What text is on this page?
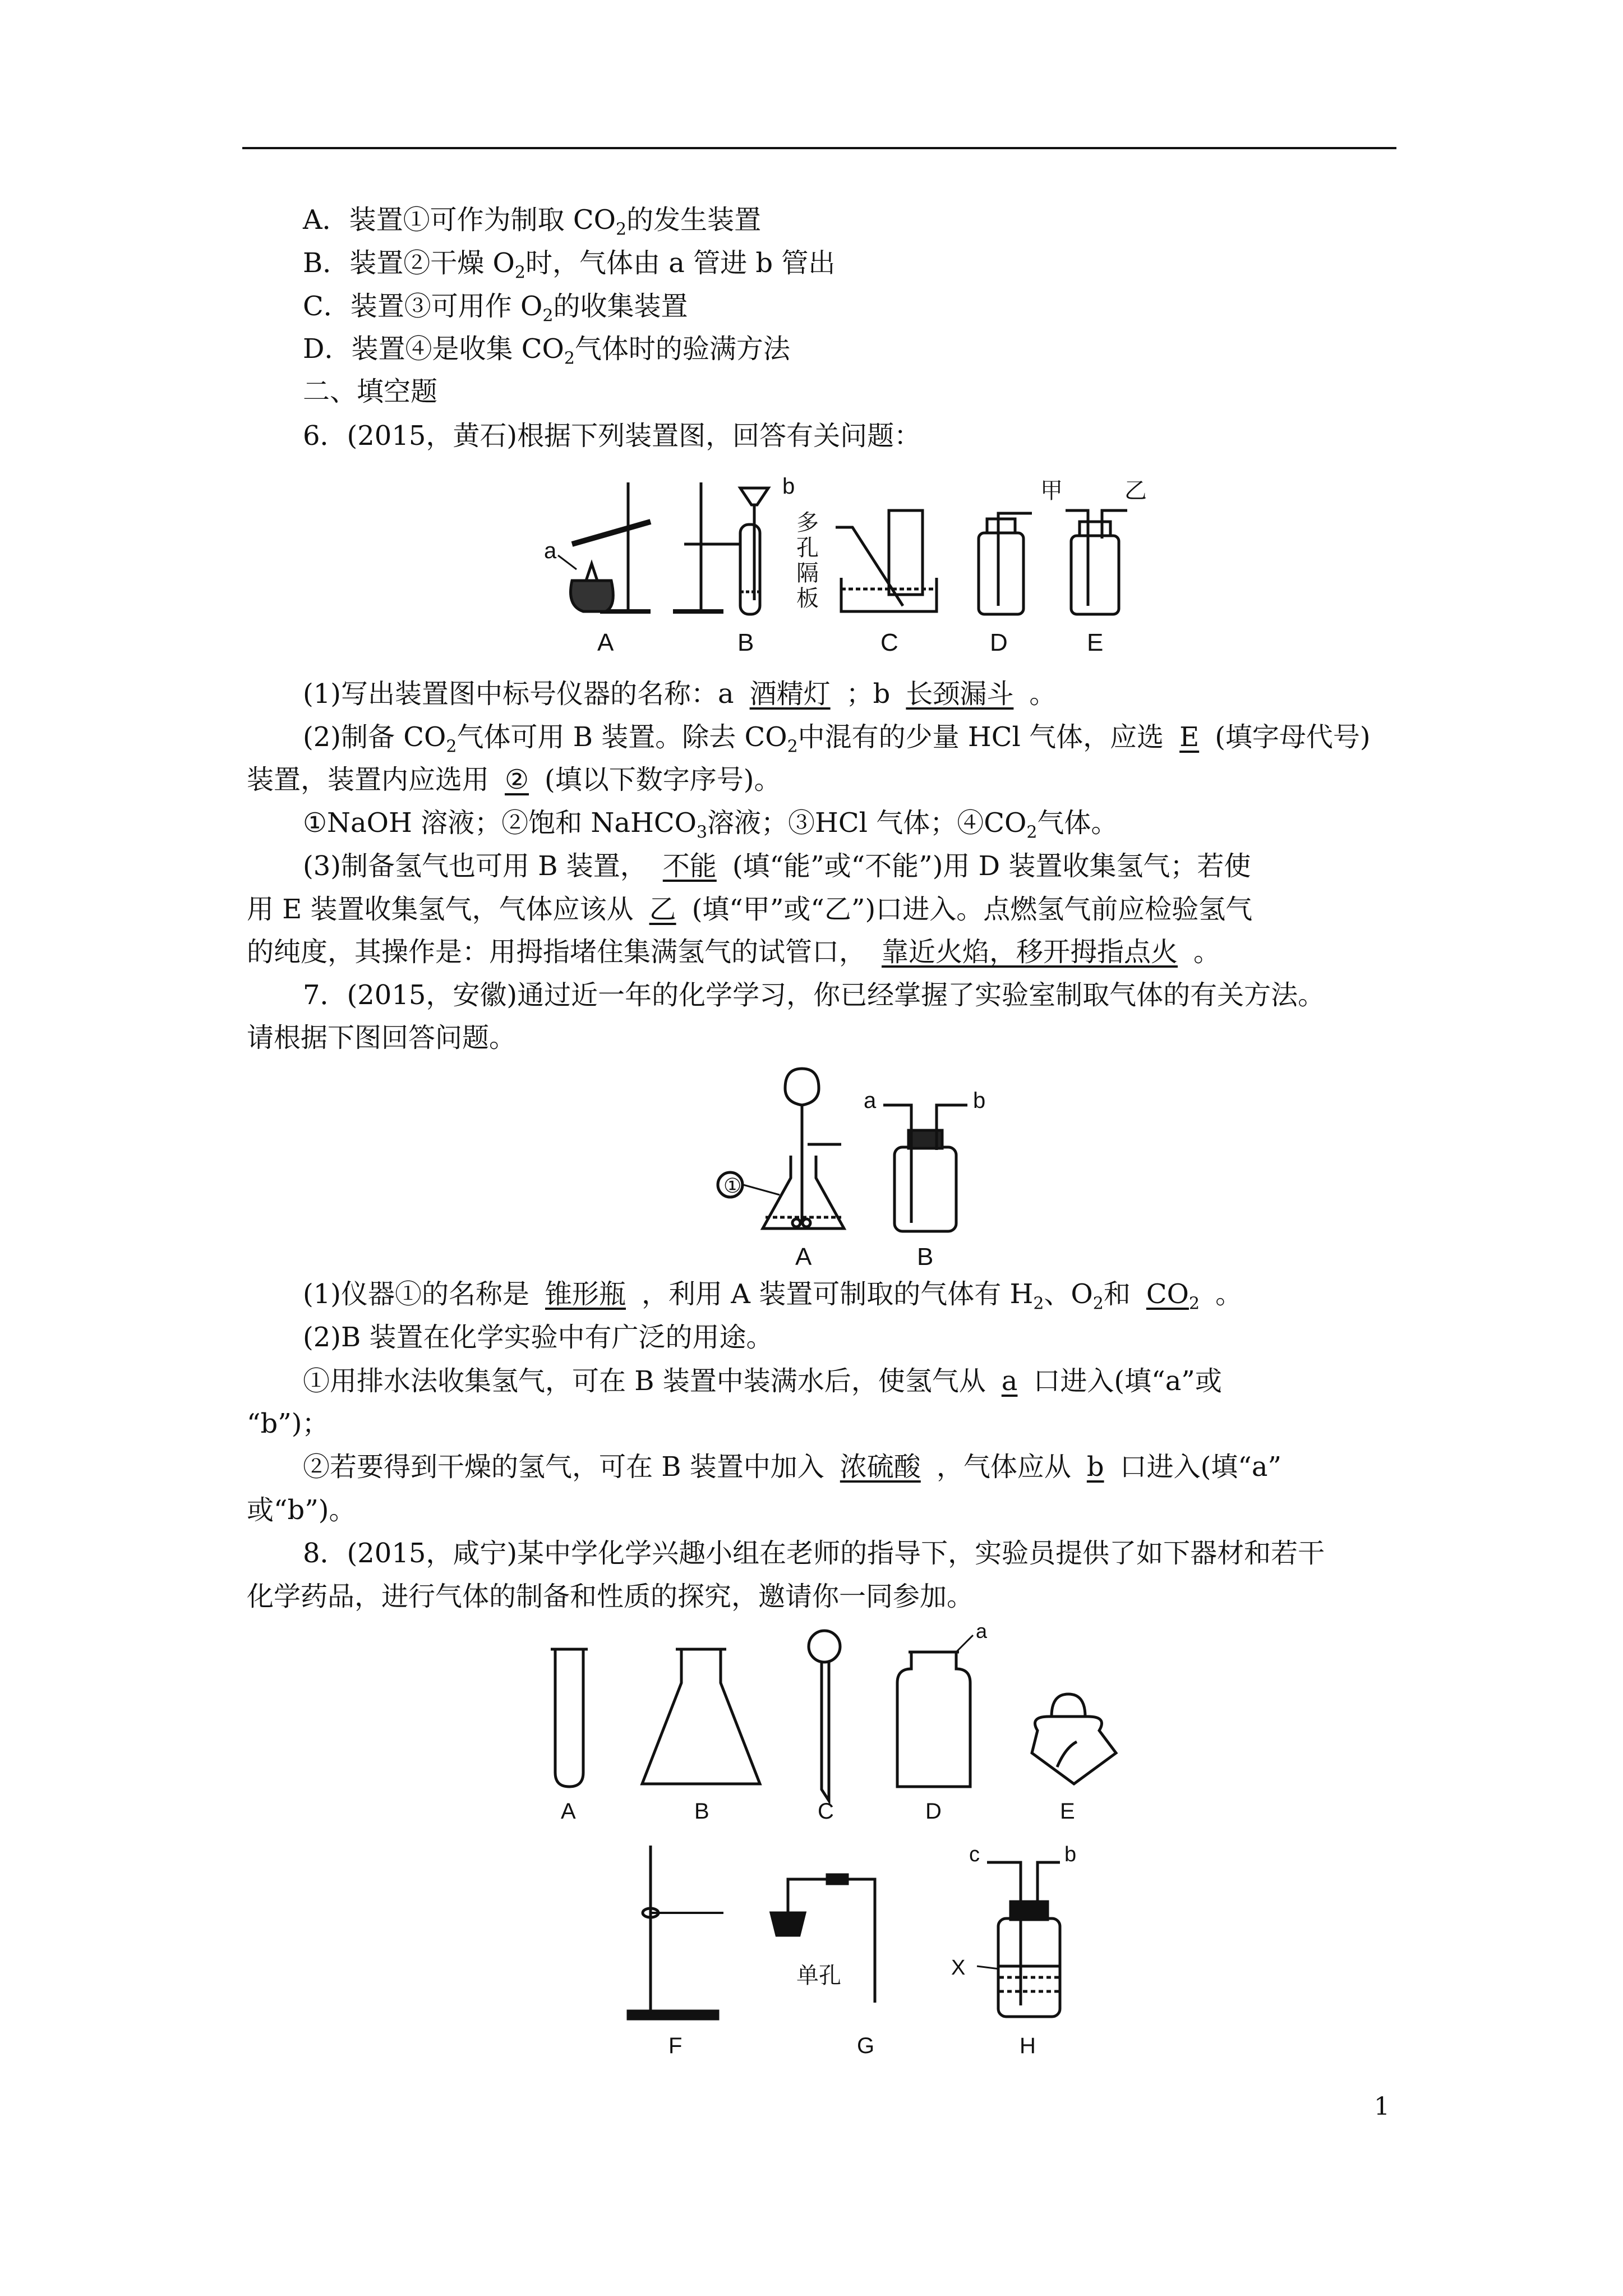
A．装置①可作为制取 $CO_2$的发生装置
B．装置②干燥 $O_2$时，气体由 a 管进 b 管出
C．装置③可用作 $O_2$的收集装置
D．装置④是收集 $CO_2$气体时的验满方法
二、填空题
6．(2015，黄石)根据下列装置图，回答有关问题：
a
A
b
多
孔
隔
板
B	C	D
甲	乙
E
(1)写出装置图中标号仪器的名称：a 酒精灯 ；b 长颈漏斗 。
(2)制备 $CO_2$气体可用 B 装置。除去 $CO_2$中混有的少量 HCl 气体，应选 E (填字母代号)
装置，装置内应选用 ② (填以下数字序号)。
①NaOH 溶液；②饱和 NaHCO$_3$溶液；③HCl 气体；$④CO_2$气体。
(3)制备氢气也可用 B 装置， 不能 (填“能”或“不能”)用 D 装置收集氢气；若使
用 E 装置收集氢气，气体应该从 乙 (填“甲”或“乙”)口进入。点燃氢气前应检验氢气
的纯度，其操作是：用拇指堵住集满氢气的试管口， 靠近火焰，移开拇指点火 。
7．(2015，安徽)通过近一年的化学学习，你已经掌握了实验室制取气体的有关方法。
请根据下图回答问题。
①
A
a	b
B
(1)仪器①的名称是 锥形瓶 ，利用 A 装置可制取的气体有 $H_2$、$O_2$和 $CO_2$ 。
(2)B 装置在化学实验中有广泛的用途。
①用排水法收集氢气，可在 B 装置中装满水后，使氢气从 a 口进入(填“a”或
“b”)；
②若要得到干燥的氢气，可在 B 装置中加入 浓硫酸 ，气体应从 b 口进入(填“a”
或“b”)。
8．(2015，咸宁)某中学化学兴趣小组在老师的指导下，实验员提供了如下器材和若干
化学药品，进行气体的制备和性质的探究，邀请你一同参加。
A	B	C
a
D	E
F
单孔
G
c	b
X
H
1
